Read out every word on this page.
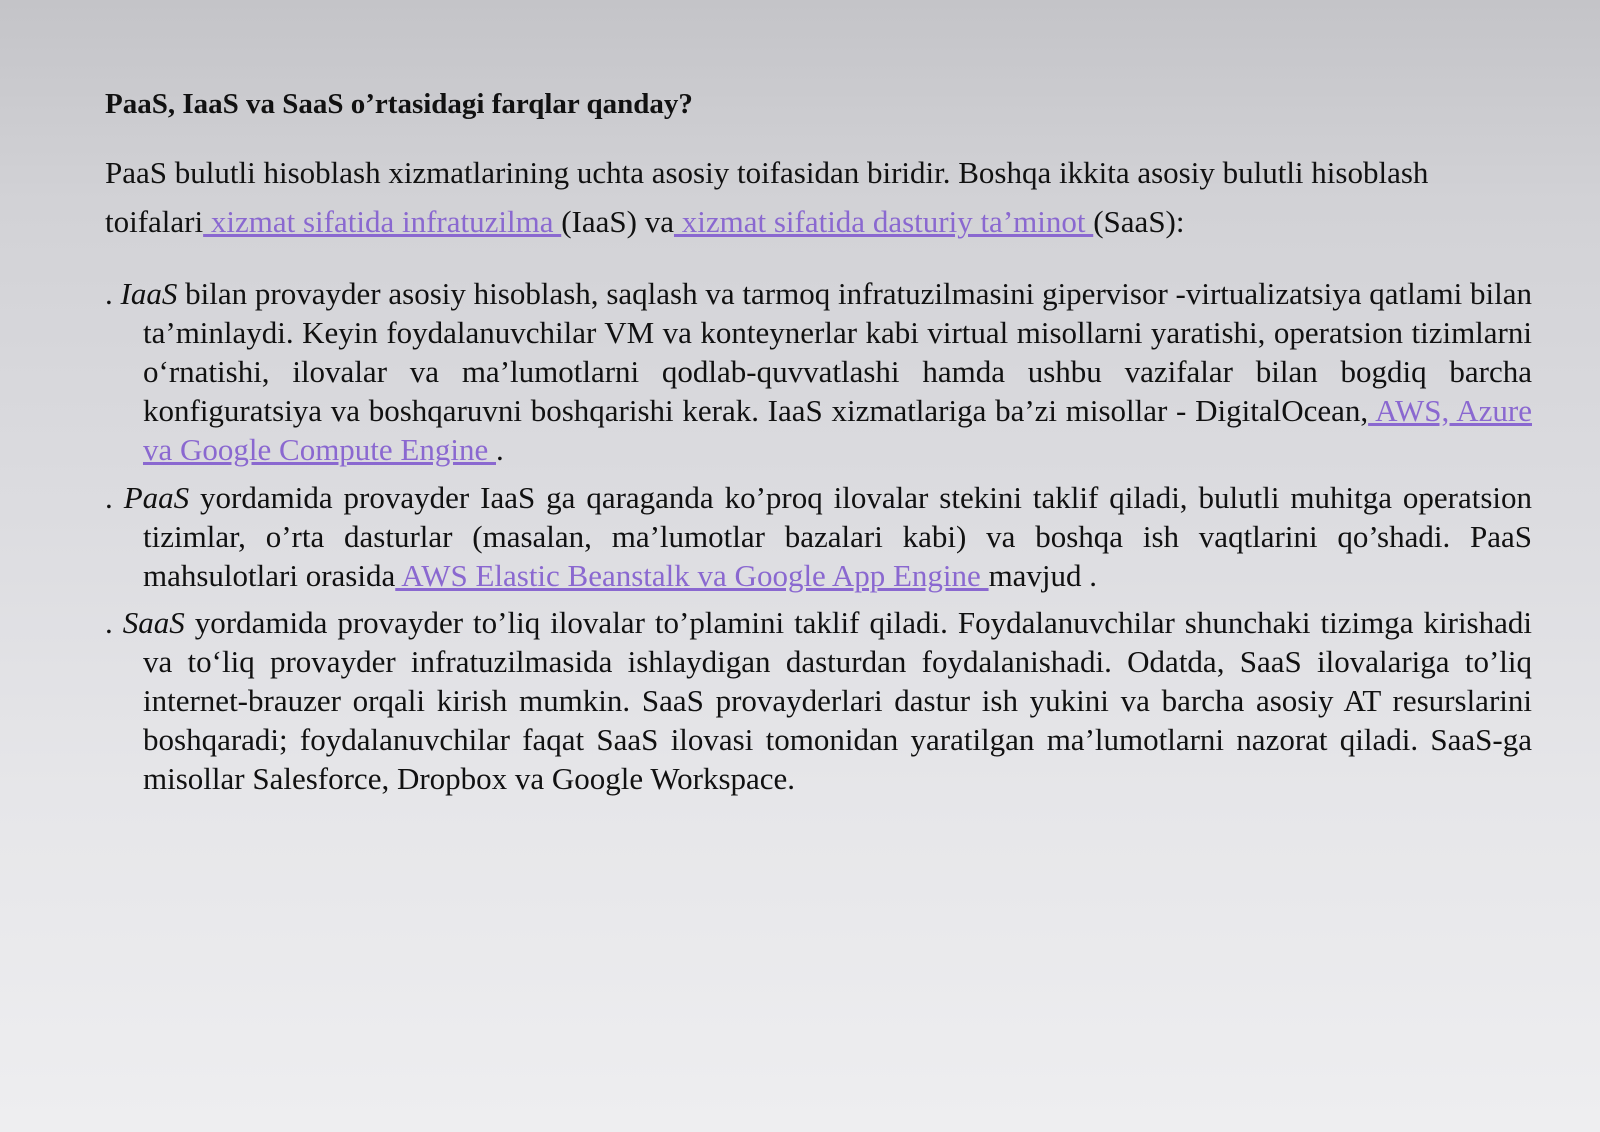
PaaS, IaaS va SaaS o’rtasidagi farqlar qanday?

PaaS bulutli hisoblash xizmatlarining uchta asosiy toifasidan biridir. Boshqa ikkita asosiy bulutli hisoblash toifalari xizmat sifatida infratuzilma (IaaS) va xizmat sifatida dasturiy ta’minot (SaaS):

. IaaS bilan provayder asosiy hisoblash, saqlash va tarmoq infratuzilmasini gipervisor -virtualizatsiya qatlami bilan ta’minlaydi. Keyin foydalanuvchilar VM va konteynerlar kabi virtual misollarni yaratishi, operatsion tizimlarni o‘rnatishi, ilovalar va ma’lumotlarni qodlab-quvvatlashi hamda ushbu vazifalar bilan bogdiq barcha konfiguratsiya va boshqaruvni boshqarishi kerak. IaaS xizmatlariga ba’zi misollar - DigitalOcean, AWS, Azure va Google Compute Engine .

. PaaS yordamida provayder IaaS ga qaraganda ko’proq ilovalar stekini taklif qiladi, bulutli muhitga operatsion tizimlar, o’rta dasturlar (masalan, ma’lumotlar bazalari kabi) va boshqa ish vaqtlarini qo’shadi. PaaS mahsulotlari orasida AWS Elastic Beanstalk va Google App Engine mavjud .

. SaaS yordamida provayder to’liq ilovalar to’plamini taklif qiladi. Foydalanuvchilar shunchaki tizimga kirishadi va to‘liq provayder infratuzilmasida ishlaydigan dasturdan foydalanishadi. Odatda, SaaS ilovalariga to’liq internet-brauzer orqali kirish mumkin. SaaS provayderlari dastur ish yukini va barcha asosiy AT resurslarini boshqaradi; foydalanuvchilar faqat SaaS ilovasi tomonidan yaratilgan ma’lumotlarni nazorat qiladi. SaaS-ga misollar Salesforce, Dropbox va Google Workspace.
